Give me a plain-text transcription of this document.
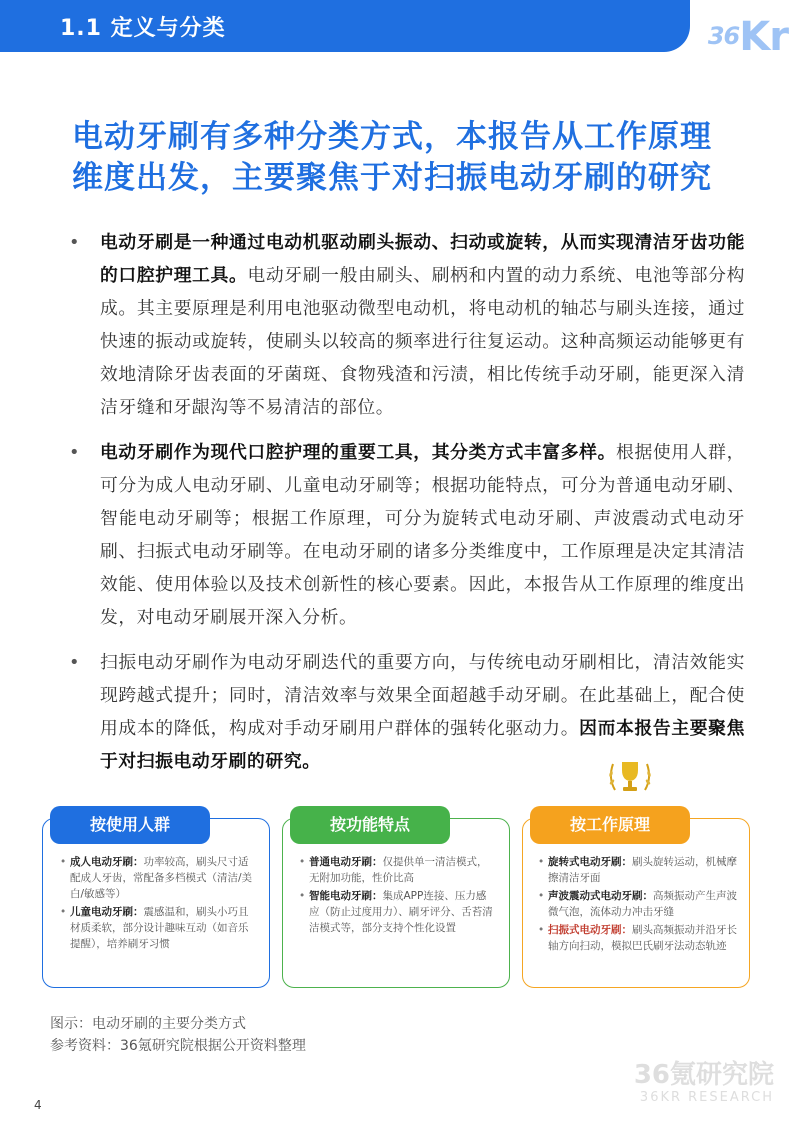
1.1 定义与分类	36Kr
电动牙刷有多种分类方式，本报告从工作原理
维度出发，主要聚焦于对扫振电动牙刷的研究
• 电动牙刷是一种通过电动机驱动刷头振动、扫动或旋转，从而实现清洁牙齿功能的口腔护理工具。电动牙刷一般由刷头、刷柄和内置的动力系统、电池等部分构成。其主要原理是利用电池驱动微型电动机，将电动机的轴芯与刷头连接，通过快速的振动或旋转，使刷头以较高的频率进行往复运动。这种高频运动能够更有效地清除牙齿表面的牙菌斑、食物残渣和污渍，相比传统手动牙刷，能更深入清洁牙缝和牙龈沟等不易清洁的部位。
• 电动牙刷作为现代口腔护理的重要工具，其分类方式丰富多样。根据使用人群，可分为成人电动牙刷、儿童电动牙刷等；根据功能特点，可分为普通电动牙刷、智能电动牙刷等；根据工作原理，可分为旋转式电动牙刷、声波震动式电动牙刷、扫振式电动牙刷等。在电动牙刷的诸多分类维度中，工作原理是决定其清洁效能、使用体验以及技术创新性的核心要素。因此，本报告从工作原理的维度出发，对电动牙刷展开深入分析。
• 扫振电动牙刷作为电动牙刷迭代的重要方向，与传统电动牙刷相比，清洁效能实现跨越式提升；同时，清洁效率与效果全面超越手动牙刷。在此基础上，配合使用成本的降低，构成对手动牙刷用户群体的强转化驱动力。因而本报告主要聚焦于对扫振电动牙刷的研究。
按使用人群
• 成人电动牙刷：功率较高，刷头尺寸适配成人牙齿，常配备多档模式（清洁/美白/敏感等）
• 儿童电动牙刷：震感温和，刷头小巧且材质柔软，部分设计趣味互动（如音乐提醒），培养刷牙习惯
按功能特点
• 普通电动牙刷：仅提供单一清洁模式，无附加功能，性价比高
• 智能电动牙刷：集成APP连接、压力感应（防止过度用力）、刷牙评分、舌苔清洁模式等，部分支持个性化设置
按工作原理
• 旋转式电动牙刷：刷头旋转运动，机械摩擦清洁牙面
• 声波震动式电动牙刷：高频振动产生声波微气泡，流体动力冲击牙缝
• 扫振式电动牙刷：刷头高频振动并沿牙长轴方向扫动，模拟巴氏刷牙法动态轨迹
图示：电动牙刷的主要分类方式
参考资料：36氪研究院根据公开资料整理
36氪研究院
36KR RESEARCH
4
